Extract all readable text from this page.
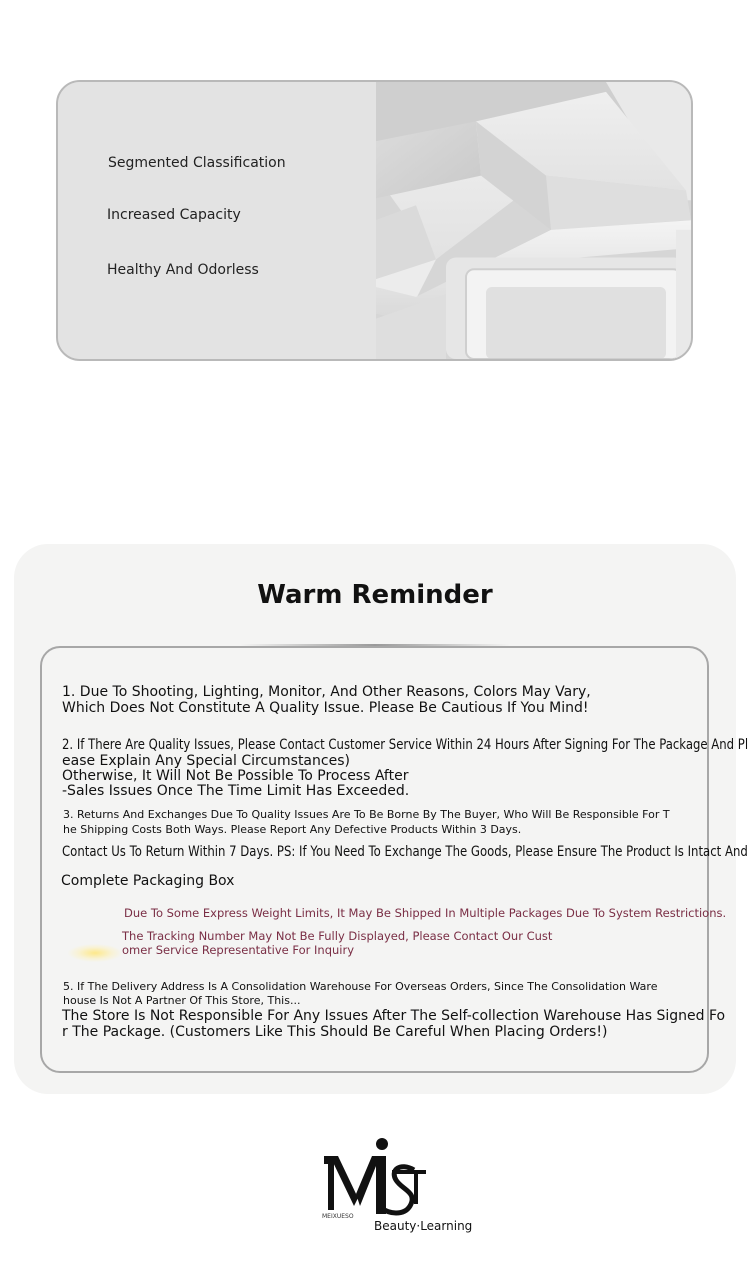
Segmented Classification
Increased Capacity
Healthy And Odorless
Warm Reminder
1. Due To Shooting, Lighting, Monitor, And Other Reasons, Colors May Vary,
Which Does Not Constitute A Quality Issue. Please Be Cautious If You Mind!
2. If There Are Quality Issues, Please Contact Customer Service Within 24 Hours After Signing For The Package And Pl
ease Explain Any Special Circumstances)
Otherwise, It Will Not Be Possible To Process After
-Sales Issues Once The Time Limit Has Exceeded.
3. Returns And Exchanges Due To Quality Issues Are To Be Borne By The Buyer, Who Will Be Responsible For T
he Shipping Costs Both Ways. Please Report Any Defective Products Within 3 Days.
Contact Us To Return Within 7 Days. PS: If You Need To Exchange The Goods, Please Ensure The Product Is Intact And
Complete Packaging Box
Due To Some Express Weight Limits, It May Be Shipped In Multiple Packages Due To System Restrictions.
The Tracking Number May Not Be Fully Displayed, Please Contact Our Cust
omer Service Representative For Inquiry
5. If The Delivery Address Is A Consolidation Warehouse For Overseas Orders, Since The Consolidation Ware
house Is Not A Partner Of This Store, This...
The Store Is Not Responsible For Any Issues After The Self-collection Warehouse Has Signed Fo
r The Package. (Customers Like This Should Be Careful When Placing Orders!)
MEIXUESO
Beauty·Learning
